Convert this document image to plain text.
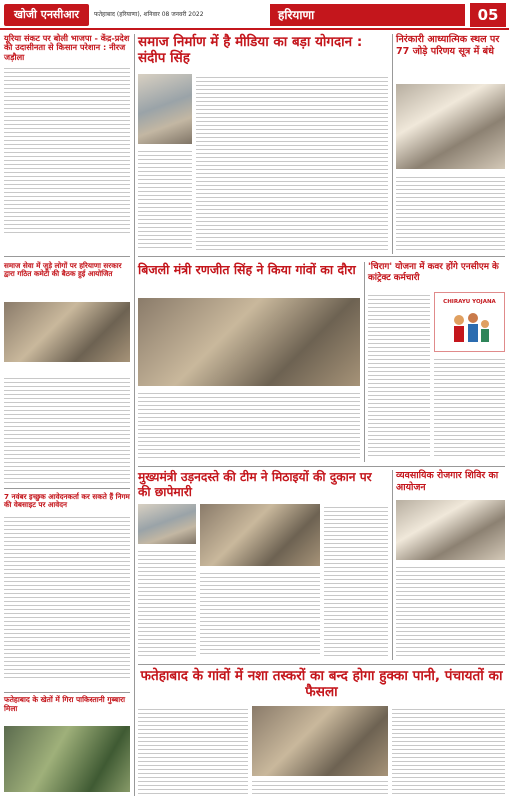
खोजी एनसीआर	फतेहाबाद (हरियाणा), शनिवार 08 जनवरी 2022	हरियाणा	05
यूरिया संकट पर बोली भाजपा - केंद्र-प्रदेश की उदासीनता से किसान परेशान : नीरज जड़ौला
समाज सेवा में जुड़े लोगों पर हरियाणा सरकार द्वारा गठित कमेटी की बैठक हुई आयोजित
7 नवंबर इच्छुक आवेदनकर्ता कर सकते हैं निगम की वेबसाइट पर आवेदन
फतेहाबाद के खेतों में गिरा पाकिस्तानी गुब्बारा मिला
समाज निर्माण में है मीडिया का बड़ा योगदान : संदीप सिंह
निरंकारी आध्यात्मिक स्थल पर 77 जोड़े परिणय सूत्र में बंधे
बिजली मंत्री रणजीत सिंह ने किया गांवों का दौरा	'चिराग' योजना में कवर होंगे एनसीएम के कांट्रेक्ट कर्मचारी
CHIRAYU YOJANA
मुख्यमंत्री उड़नदस्ते की टीम ने मिठाइयों की दुकान पर की छापेमारी
व्यवसायिक रोजगार शिविर का आयोजन
फतेहाबाद के गांवों में नशा तस्करों का बन्द होगा हुक्का पानी, पंचायतों का फैसला
